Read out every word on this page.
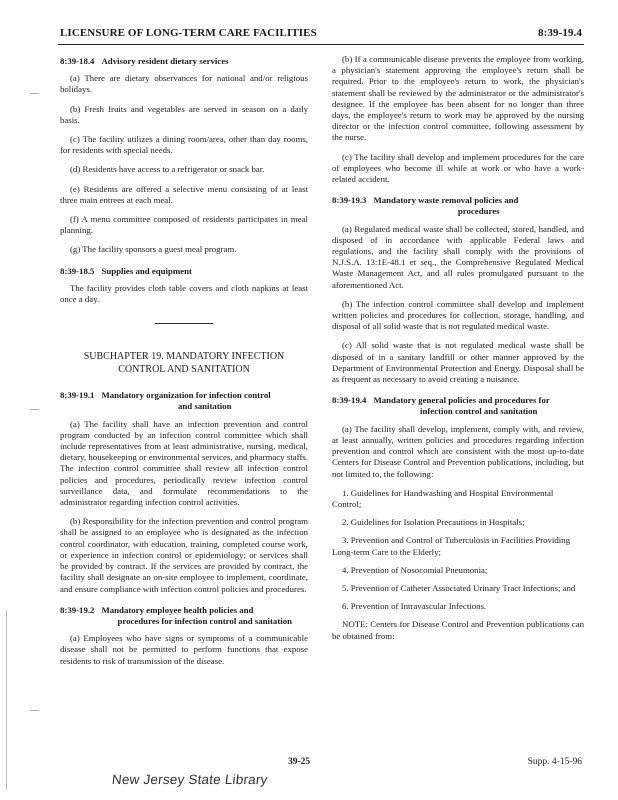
LICENSURE OF LONG-TERM CARE FACILITIES	8:39-19.4
8:39-18.4 Advisory resident dietary services

(a) There are dietary observances for national and/or religious holidays.

(b) Fresh fruits and vegetables are served in season on a daily basis.

(c) The facility utilizes a dining room/area, other than day rooms, for residents with special needs.

(d) Residents have access to a refrigerator or snack bar.

(e) Residents are offered a selective menu consisting of at least three main entrees at each meal.

(f) A menu committee composed of residents participates in meal planning.

(g) The facility sponsors a guest meal program.

8:39-18.5 Supplies and equipment

The facility provides cloth table covers and cloth napkins at least once a day.

SUBCHAPTER 19. MANDATORY INFECTION
CONTROL AND SANITATION
8:39-19.1 Mandatory organization for infection control
and sanitation

(a) The facility shall have an infection prevention and control program conducted by an infection control committee which shall include representatives from at least administrative, nursing, medical, dietary, housekeeping or environmental services, and pharmacy staffs. The infection control committee shall review all infection control policies and procedures, periodically review infection control surveillance data, and formulate recommendations to the administrator regarding infection control activities.

(b) Responsibility for the infection prevention and control program shall be assigned to an employee who is designated as the infection control coordinator, with education, training, completed course work, or experience in infection control or epidemiology; or services shall be provided by contract. If the services are provided by contract, the facility shall designate an on-site employee to implement, coordinate, and ensure compliance with infection control policies and procedures.

8:39-19.2 Mandatory employee health policies and
procedures for infection control and sanitation

(a) Employees who have signs or symptoms of a communicable disease shall not be permitted to perform functions that expose residents to risk of transmission of the disease.

(b) If a communicable disease prevents the employee from working, a physician's statement approving the employee's return shall be required. Prior to the employee's return to work, the physician's statement shall be reviewed by the administrator or the administrator's designee. If the employee has been absent for no longer than three days, the employee's return to work may be approved by the nursing director or the infection control committee, following assessment by the nurse.

(c) The facility shall develop and implement procedures for the care of employees who become ill while at work or who have a work-related accident.

8:39-19.3 Mandatory waste removal policies and
procedures

(a) Regulated medical waste shall be collected, stored, handled, and disposed of in accordance with applicable Federal laws and regulations, and the facility shall comply with the provisions of N.J.S.A. 13:1E-48.1 et seq., the Comprehensive Regulated Medical Waste Management Act, and all rules promulgated pursuant to the aforementioned Act.

(b) The infection control committee shall develop and implement written policies and procedures for collection, storage, handling, and disposal of all solid waste that is not regulated medical waste.

(c) All solid waste that is not regulated medical waste shall be disposed of in a sanitary landfill or other manner approved by the Department of Environmental Protection and Energy. Disposal shall be as frequent as necessary to avoid creating a nuisance.

8:39-19.4 Mandatory general policies and procedures for
infection control and sanitation

(a) The facility shall develop, implement, comply with, and review, at least annually, written policies and procedures regarding infection prevention and control which are consistent with the most up-to-date Centers for Disease Control and Prevention publications, including, but not limited to, the following:

1. Guidelines for Handwashing and Hospital Environmental Control;

2. Guidelines for Isolation Precautions in Hospitals;

3. Prevention and Control of Tuberculosis in Facilities Providing Long-term Care to the Elderly;

4. Prevention of Nosocomial Pneumonia;

5. Prevention of Catheter Associated Urinary Tract Infections; and

6. Prevention of Intravascular Infections.

NOTE: Centers for Disease Control and Prevention publications can be obtained from:

39-25	Supp. 4-15-96
New Jersey State Library
—
—
—
